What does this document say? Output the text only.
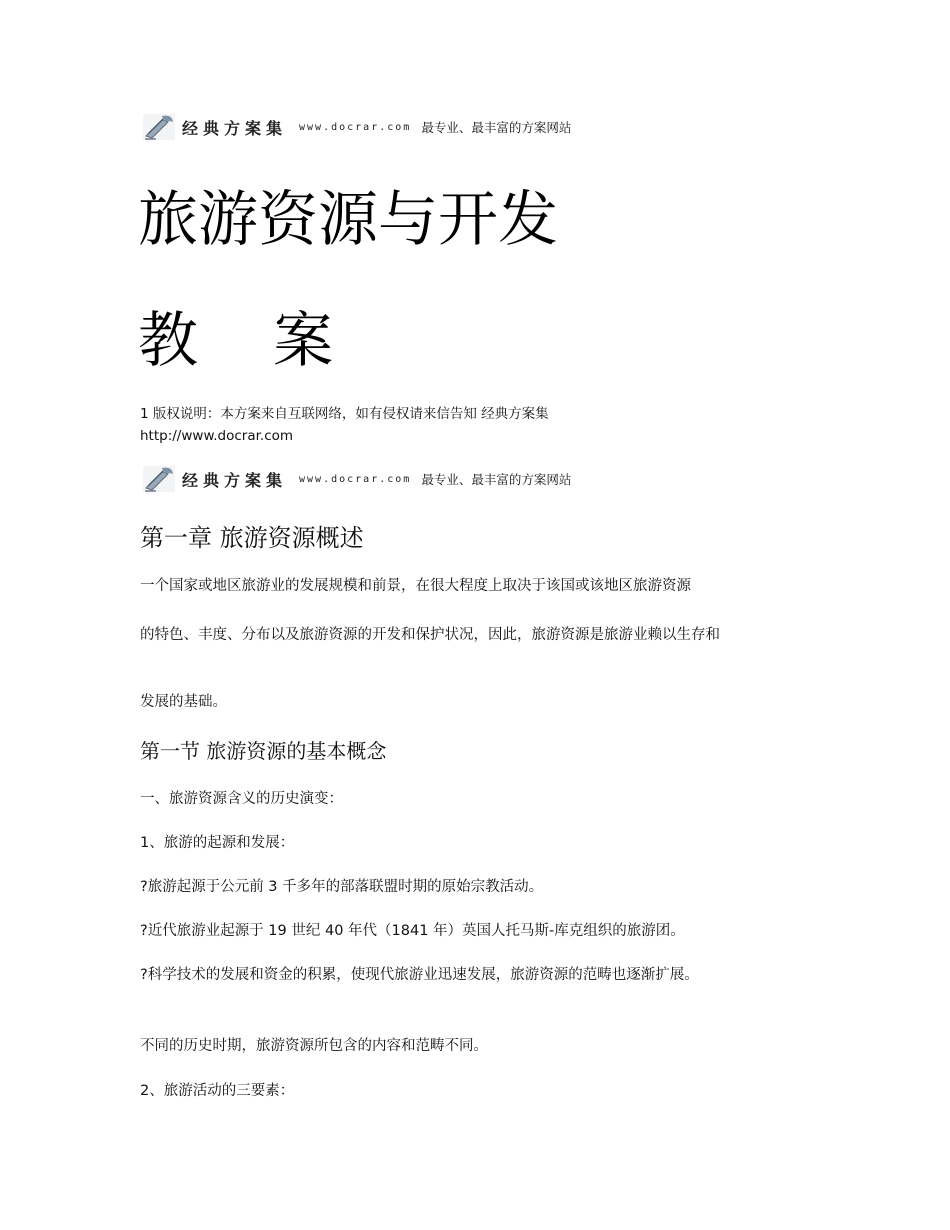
经典方案集 www.docrar.com 最专业、最丰富的方案网站
旅游资源与开发
教 案
1 版权说明：本方案来自互联网络，如有侵权请来信告知 经典方案集
http://www.docrar.com
经典方案集 www.docrar.com 最专业、最丰富的方案网站
第一章 旅游资源概述

一个国家或地区旅游业的发展规模和前景，在很大程度上取决于该国或该地区旅游资源

的特色、丰度、分布以及旅游资源的开发和保护状况，因此，旅游资源是旅游业赖以生存和

发展的基础。

第一节 旅游资源的基本概念

一、旅游资源含义的历史演变：

1、旅游的起源和发展：

?旅游起源于公元前 3 千多年的部落联盟时期的原始宗教活动。

?近代旅游业起源于 19 世纪 40 年代（1841 年）英国人托马斯-库克组织的旅游团。

?科学技术的发展和资金的积累，使现代旅游业迅速发展，旅游资源的范畴也逐渐扩展。

不同的历史时期，旅游资源所包含的内容和范畴不同。

2、旅游活动的三要素：
